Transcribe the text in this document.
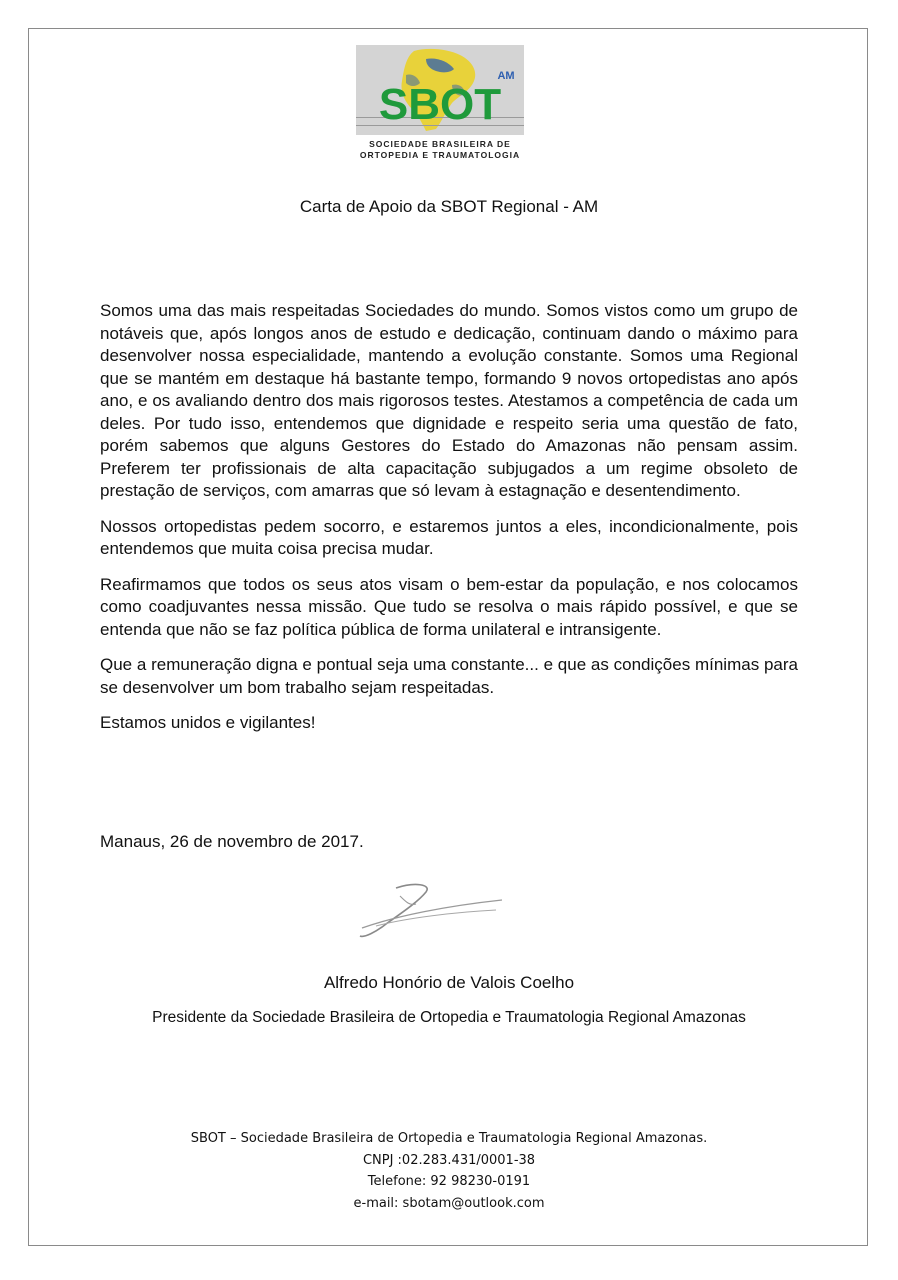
SBOT
AM
SOCIEDADE BRASILEIRA DE
ORTOPEDIA E TRAUMATOLOGIA
Carta de Apoio da SBOT Regional - AM

Somos uma das mais respeitadas Sociedades do mundo. Somos vistos como um grupo de notáveis que, após longos anos de estudo e dedicação, continuam dando o máximo para desenvolver nossa especialidade, mantendo a evolução constante. Somos uma Regional que se mantém em destaque há bastante tempo, formando 9 novos ortopedistas ano após ano, e os avaliando dentro dos mais rigorosos testes. Atestamos a competência de cada um deles. Por tudo isso, entendemos que dignidade e respeito seria uma questão de fato, porém sabemos que alguns Gestores do Estado do Amazonas não pensam assim. Preferem ter profissionais de alta capacitação subjugados a um regime obsoleto de prestação de serviços, com amarras que só levam à estagnação e desentendimento.

Nossos ortopedistas pedem socorro, e estaremos juntos a eles, incondicionalmente, pois entendemos que muita coisa precisa mudar.

Reafirmamos que todos os seus atos visam o bem-estar da população, e nos colocamos como coadjuvantes nessa missão. Que tudo se resolva o mais rápido possível, e que se entenda que não se faz política pública de forma unilateral e intransigente.

Que a remuneração digna e pontual seja uma constante... e que as condições mínimas para se desenvolver um bom trabalho sejam respeitadas.

Estamos unidos e vigilantes!

Manaus, 26 de novembro de 2017.
Alfredo Honório de Valois Coelho
Presidente da Sociedade Brasileira de Ortopedia e Traumatologia Regional Amazonas
SBOT – Sociedade Brasileira de Ortopedia e Traumatologia Regional Amazonas.
CNPJ :02.283.431/0001-38
Telefone: 92 98230-0191
e-mail: sbotam@outlook.com
